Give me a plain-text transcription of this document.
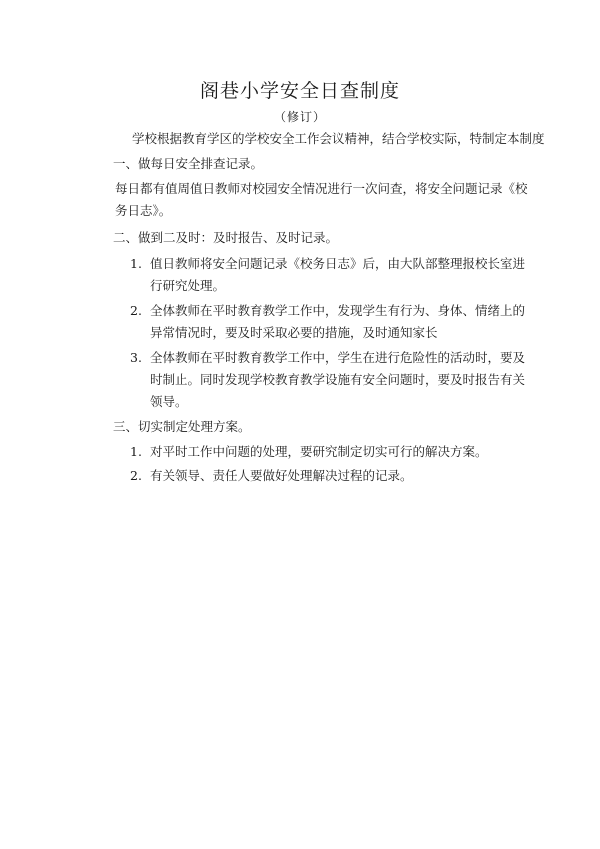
阁巷小学安全日查制度
（修订）
学校根据教育学区的学校安全工作会议精神，结合学校实际，特制定本制度
一、做每日安全排查记录。
每日都有值周值日教师对校园安全情况进行一次问查，将安全问题记录《校
务日志》。
二、做到二及时：及时报告、及时记录。
1. 值日教师将安全问题记录《校务日志》后，由大队部整理报校长室进
行研究处理。
2. 全体教师在平时教育教学工作中，发现学生有行为、身体、情绪上的
异常情况时，要及时采取必要的措施，及时通知家长
3. 全体教师在平时教育教学工作中，学生在进行危险性的活动时，要及
时制止。同时发现学校教育教学设施有安全问题时，要及时报告有关
领导。
三、切实制定处理方案。
1. 对平时工作中问题的处理，要研究制定切实可行的解决方案。
2. 有关领导、责任人要做好处理解决过程的记录。
